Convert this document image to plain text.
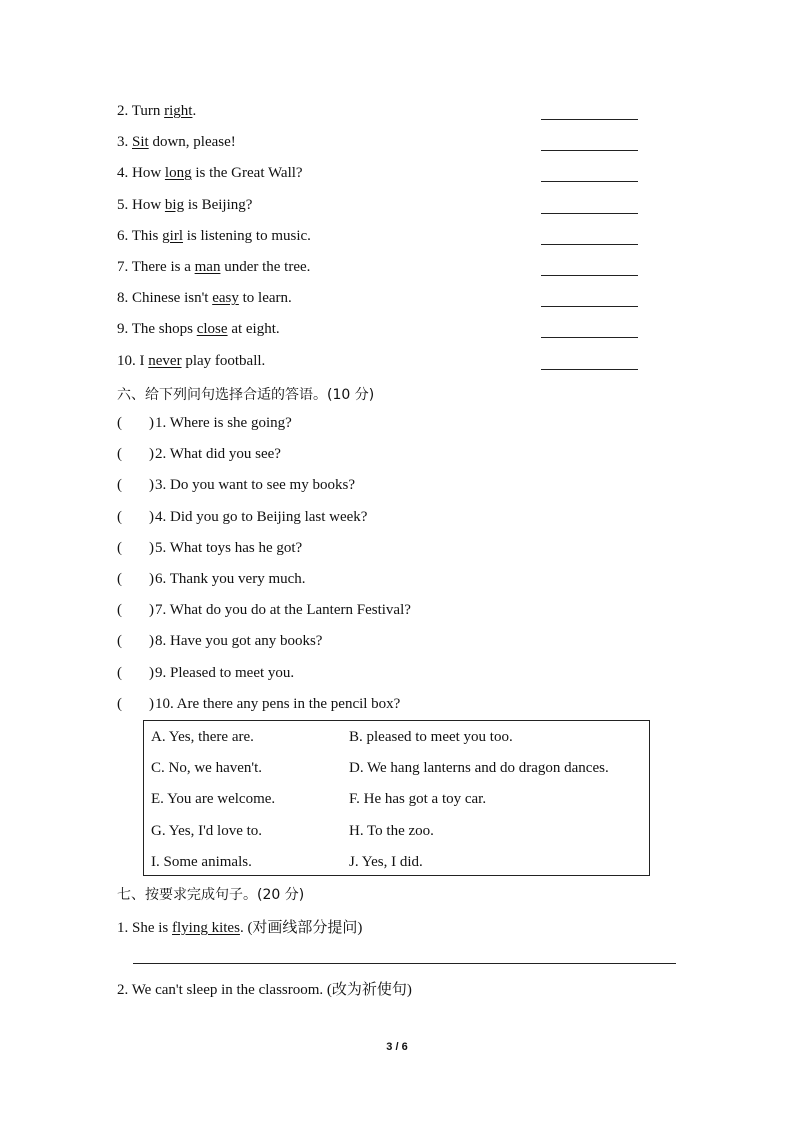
2. Turn right.
3. Sit down, please!
4. How long is the Great Wall?
5. How big is Beijing?
6. This girl is listening to music.
7. There is a man under the tree.
8. Chinese isn't easy to learn.
9. The shops close at eight.
10. I never play football.
六、给下列问句选择合适的答语。(10 分)
( )1. Where is she going?
( )2. What did you see?
( )3. Do you want to see my books?
( )4. Did you go to Beijing last week?
( )5. What toys has he got?
( )6. Thank you very much.
( )7. What do you do at the Lantern Festival?
( )8. Have you got any books?
( )9. Pleased to meet you.
( )10. Are there any pens in the pencil box?
A. Yes, there are.	B. pleased to meet you too.
C. No, we haven't.	D. We hang lanterns and do dragon dances.
E. You are welcome.	F. He has got a toy car.
G. Yes, I'd love to.	H. To the zoo.
I. Some animals.	J. Yes, I did.
七、按要求完成句子。(20 分)
1. She is flying kites. (对画线部分提问)
2. We can't sleep in the classroom. (改为祈使句)
3 / 6
